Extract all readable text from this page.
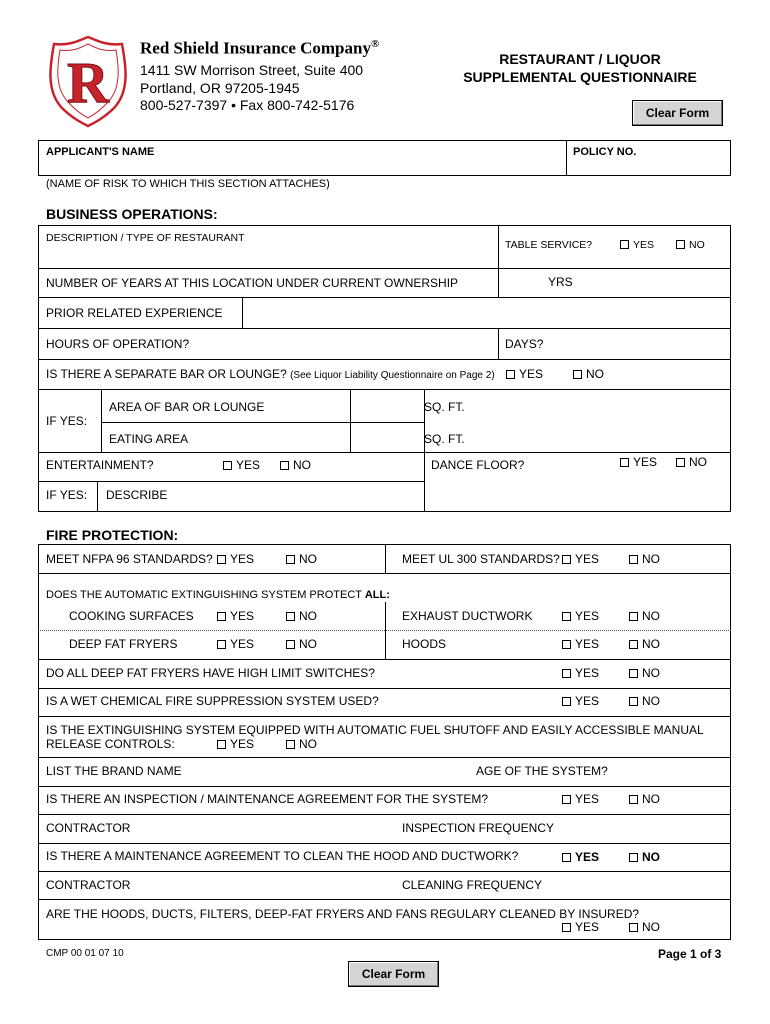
R
Red Shield Insurance Company®
1411 SW Morrison Street, Suite 400
Portland, OR 97205-1945
800-527-7397 • Fax 800-742-5176
RESTAURANT / LIQUOR
SUPPLEMENTAL QUESTIONNAIRE
Clear Form
APPLICANT'S NAME	POLICY NO.
(NAME OF RISK TO WHICH THIS SECTION ATTACHES)
BUSINESS OPERATIONS:
DESCRIPTION / TYPE OF RESTAURANT
TABLE SERVICE?	YES	NO
NUMBER OF YEARS AT THIS LOCATION UNDER CURRENT OWNERSHIP	YRS
PRIOR RELATED EXPERIENCE
HOURS OF OPERATION?	DAYS?
IS THERE A SEPARATE BAR OR LOUNGE? (See Liquor Liability Questionnaire on Page 2)	YES	NO
IF YES:
AREA OF BAR OR LOUNGE	SQ. FT.
EATING AREA	SQ. FT.
ENTERTAINMENT?	YES	NO	DANCE FLOOR?	YES	NO
IF YES: DESCRIBE
FIRE PROTECTION:
MEET NFPA 96 STANDARDS?	YES	NO	MEET UL 300 STANDARDS?	YES	NO
DOES THE AUTOMATIC EXTINGUISHING SYSTEM PROTECT ALL:
COOKING SURFACES	YES	NO	EXHAUST DUCTWORK	YES	NO
DEEP FAT FRYERS	YES	NO	HOODS	YES	NO
DO ALL DEEP FAT FRYERS HAVE HIGH LIMIT SWITCHES?	YES	NO
IS A WET CHEMICAL FIRE SUPPRESSION SYSTEM USED?	YES	NO
IS THE EXTINGUISHING SYSTEM EQUIPPED WITH AUTOMATIC FUEL SHUTOFF AND EASILY ACCESSIBLE MANUAL
RELEASE CONTROLS:	YES	NO
LIST THE BRAND NAME	AGE OF THE SYSTEM?
IS THERE AN INSPECTION / MAINTENANCE AGREEMENT FOR THE SYSTEM?	YES	NO
CONTRACTOR	INSPECTION FREQUENCY
IS THERE A MAINTENANCE AGREEMENT TO CLEAN THE HOOD AND DUCTWORK?	YES	NO
CONTRACTOR	CLEANING FREQUENCY
ARE THE HOODS, DUCTS, FILTERS, DEEP-FAT FRYERS AND FANS REGULARY CLEANED BY INSURED?
YES	NO
CMP 00 01 07 10	Page 1 of 3
Clear Form
